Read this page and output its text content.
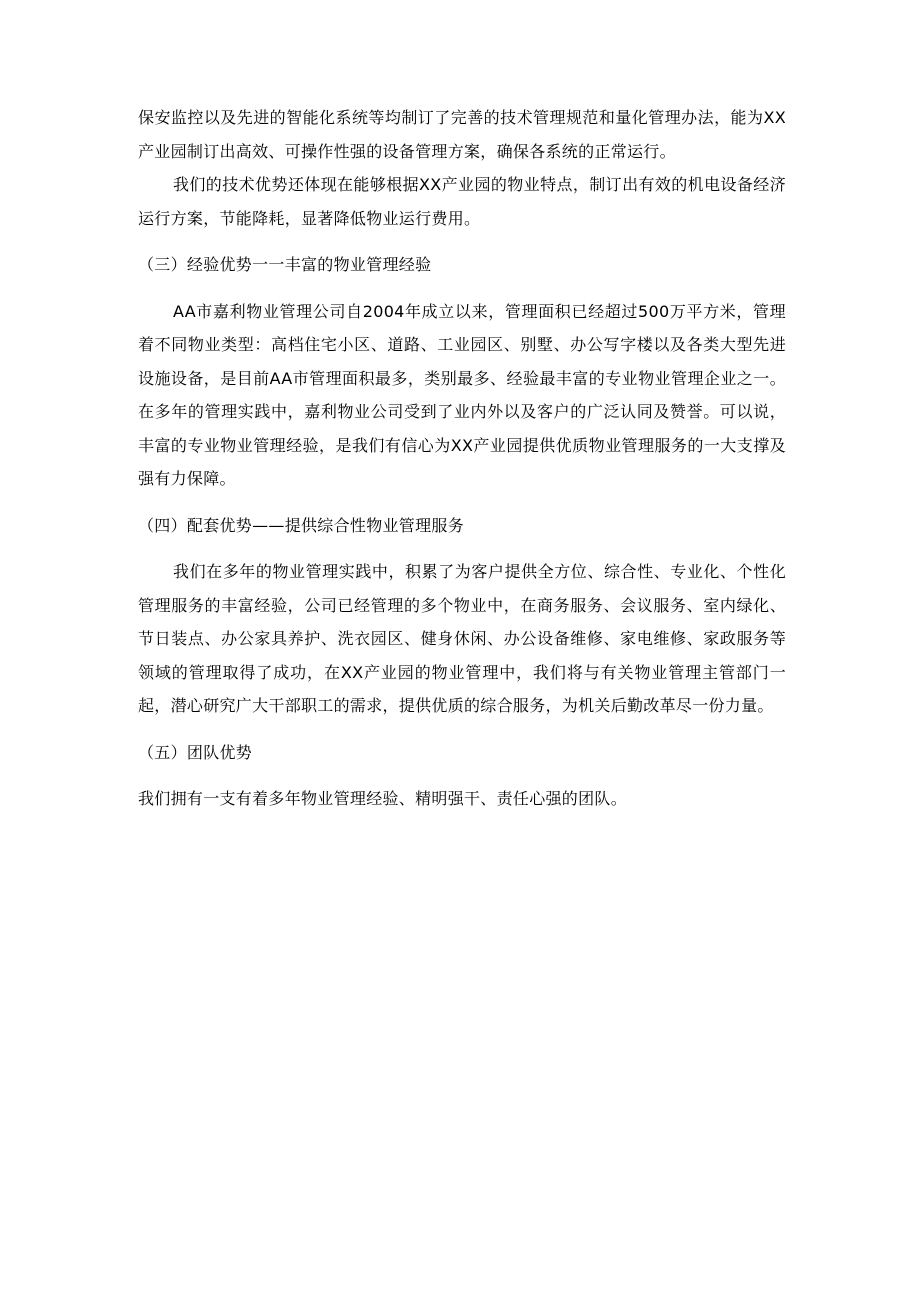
保安监控以及先进的智能化系统等均制订了完善的技术管理规范和量化管理办法，能为XX产业园制订出高效、可操作性强的设备管理方案，确保各系统的正常运行。

我们的技术优势还体现在能够根据XX产业园的物业特点，制订出有效的机电设备经济运行方案，节能降耗，显著降低物业运行费用。

（三）经验优势一一丰富的物业管理经验

AA市嘉利物业管理公司自2004年成立以来，管理面积已经超过500万平方米，管理着不同物业类型：高档住宅小区、道路、工业园区、别墅、办公写字楼以及各类大型先进设施设备，是目前AA市管理面积最多，类别最多、经验最丰富的专业物业管理企业之一。在多年的管理实践中，嘉利物业公司受到了业内外以及客户的广泛认同及赞誉。可以说，丰富的专业物业管理经验，是我们有信心为XX产业园提供优质物业管理服务的一大支撑及强有力保障。

（四）配套优势——提供综合性物业管理服务

我们在多年的物业管理实践中，积累了为客户提供全方位、综合性、专业化、个性化管理服务的丰富经验，公司已经管理的多个物业中，在商务服务、会议服务、室内绿化、节日装点、办公家具养护、洗衣园区、健身休闲、办公设备维修、家电维修、家政服务等领域的管理取得了成功，在XX产业园的物业管理中，我们将与有关物业管理主管部门一起，潜心研究广大干部职工的需求，提供优质的综合服务，为机关后勤改革尽一份力量。

（五）团队优势

我们拥有一支有着多年物业管理经验、精明强干、责任心强的团队。
